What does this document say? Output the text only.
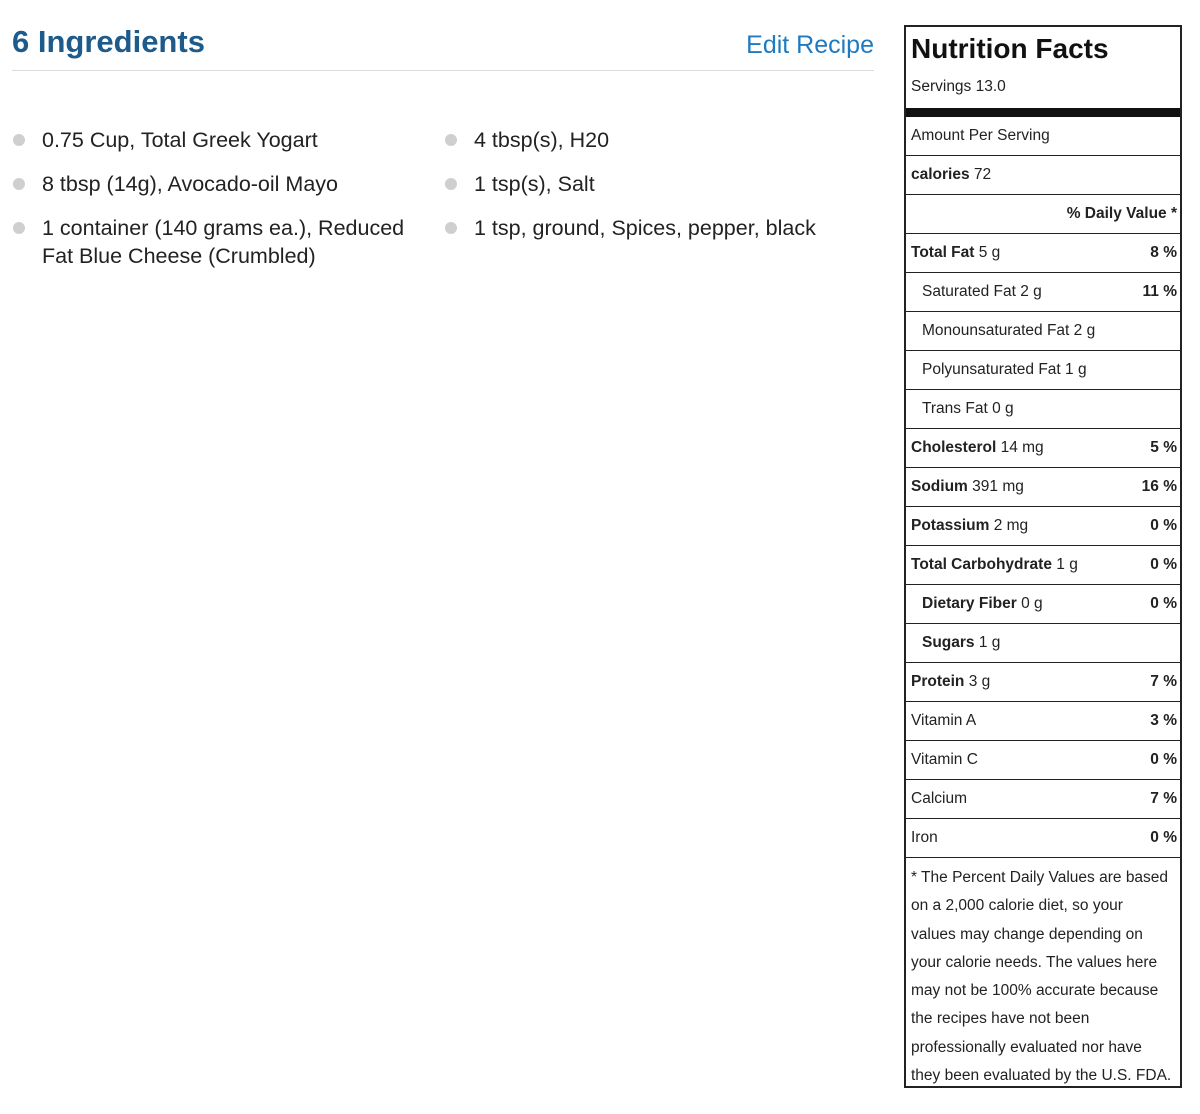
6 Ingredients	Edit Recipe
0.75 Cup, Total Greek Yogart
8 tbsp (14g), Avocado-oil Mayo
1 container (140 grams ea.), Reduced Fat Blue Cheese (Crumbled)
4 tbsp(s), H20
1 tsp(s), Salt
1 tsp, ground, Spices, pepper, black
Nutrition Facts
Servings 13.0
Amount Per Serving
calories 72
% Daily Value *
Total Fat 5 g	8 %
Saturated Fat 2 g	11 %
Monounsaturated Fat 2 g
Polyunsaturated Fat 1 g
Trans Fat 0 g
Cholesterol 14 mg	5 %
Sodium 391 mg	16 %
Potassium 2 mg	0 %
Total Carbohydrate 1 g	0 %
Dietary Fiber 0 g	0 %
Sugars 1 g
Protein 3 g	7 %
Vitamin A	3 %
Vitamin C	0 %
Calcium	7 %
Iron	0 %
* The Percent Daily Values are based on a 2,000 calorie diet, so your values may change depending on your calorie needs. The values here may not be 100% accurate because the recipes have not been professionally evaluated nor have they been evaluated by the U.S. FDA.
